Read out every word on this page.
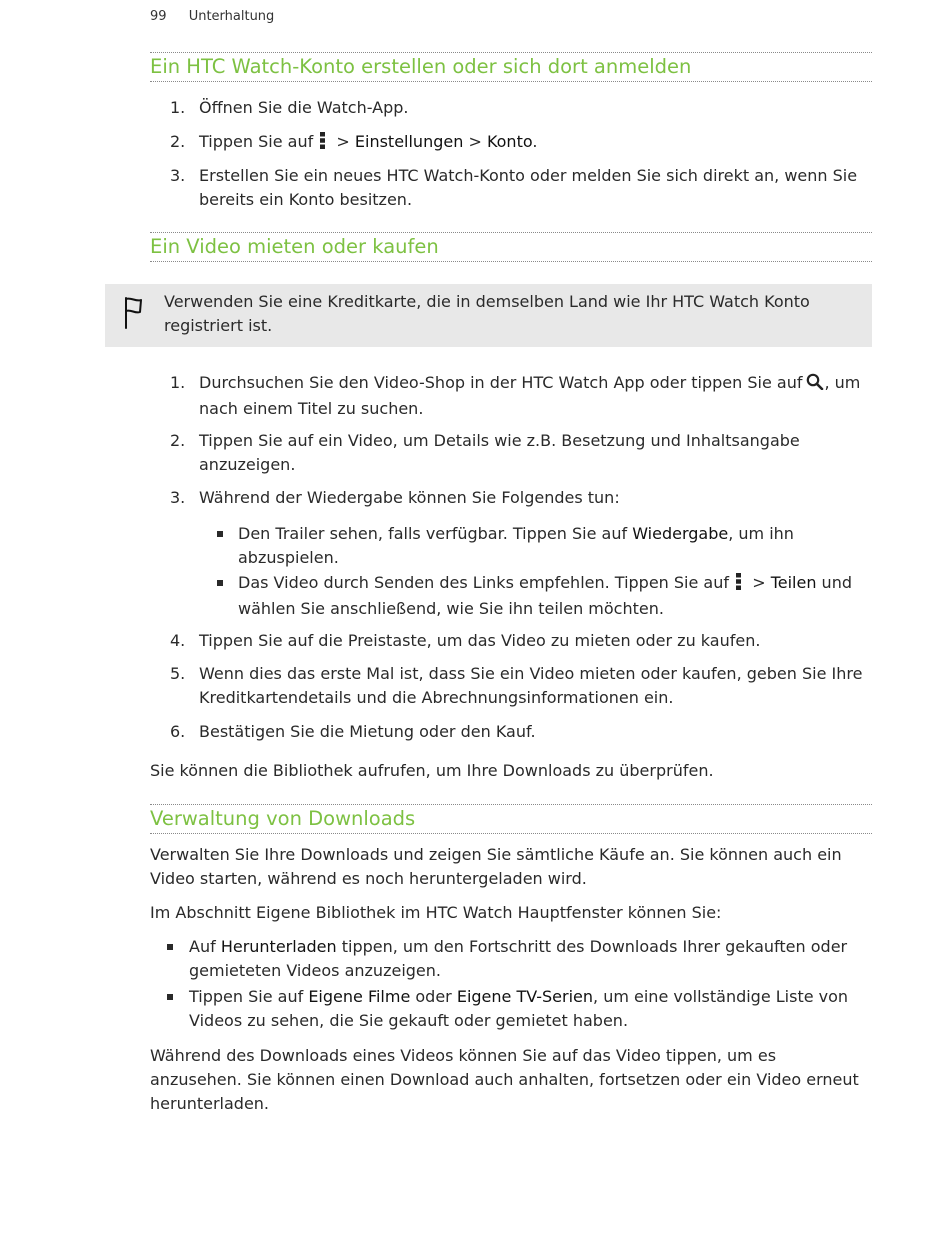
99 Unterhaltung
Ein HTC Watch-Konto erstellen oder sich dort anmelden
1. Öffnen Sie die Watch-App.
2. Tippen Sie auf  > Einstellungen > Konto.
3. Erstellen Sie ein neues HTC Watch-Konto oder melden Sie sich direkt an, wenn Sie bereits ein Konto besitzen.
Ein Video mieten oder kaufen
Verwenden Sie eine Kreditkarte, die in demselben Land wie Ihr HTC Watch Konto registriert ist.
1. Durchsuchen Sie den Video-Shop in der HTC Watch App oder tippen Sie auf , um nach einem Titel zu suchen.
2. Tippen Sie auf ein Video, um Details wie z.B. Besetzung und Inhaltsangabe anzuzeigen.
3. Während der Wiedergabe können Sie Folgendes tun:
Den Trailer sehen, falls verfügbar. Tippen Sie auf Wiedergabe, um ihn abzuspielen.
Das Video durch Senden des Links empfehlen. Tippen Sie auf  > Teilen und wählen Sie anschließend, wie Sie ihn teilen möchten.
4. Tippen Sie auf die Preistaste, um das Video zu mieten oder zu kaufen.
5. Wenn dies das erste Mal ist, dass Sie ein Video mieten oder kaufen, geben Sie Ihre Kreditkartendetails und die Abrechnungsinformationen ein.
6. Bestätigen Sie die Mietung oder den Kauf.

Sie können die Bibliothek aufrufen, um Ihre Downloads zu überprüfen.

Verwaltung von Downloads

Verwalten Sie Ihre Downloads und zeigen Sie sämtliche Käufe an. Sie können auch ein Video starten, während es noch heruntergeladen wird.

Im Abschnitt Eigene Bibliothek im HTC Watch Hauptfenster können Sie:

Auf Herunterladen tippen, um den Fortschritt des Downloads Ihrer gekauften oder gemieteten Videos anzuzeigen.
Tippen Sie auf Eigene Filme oder Eigene TV-Serien, um eine vollständige Liste von Videos zu sehen, die Sie gekauft oder gemietet haben.

Während des Downloads eines Videos können Sie auf das Video tippen, um es anzusehen. Sie können einen Download auch anhalten, fortsetzen oder ein Video erneut herunterladen.
